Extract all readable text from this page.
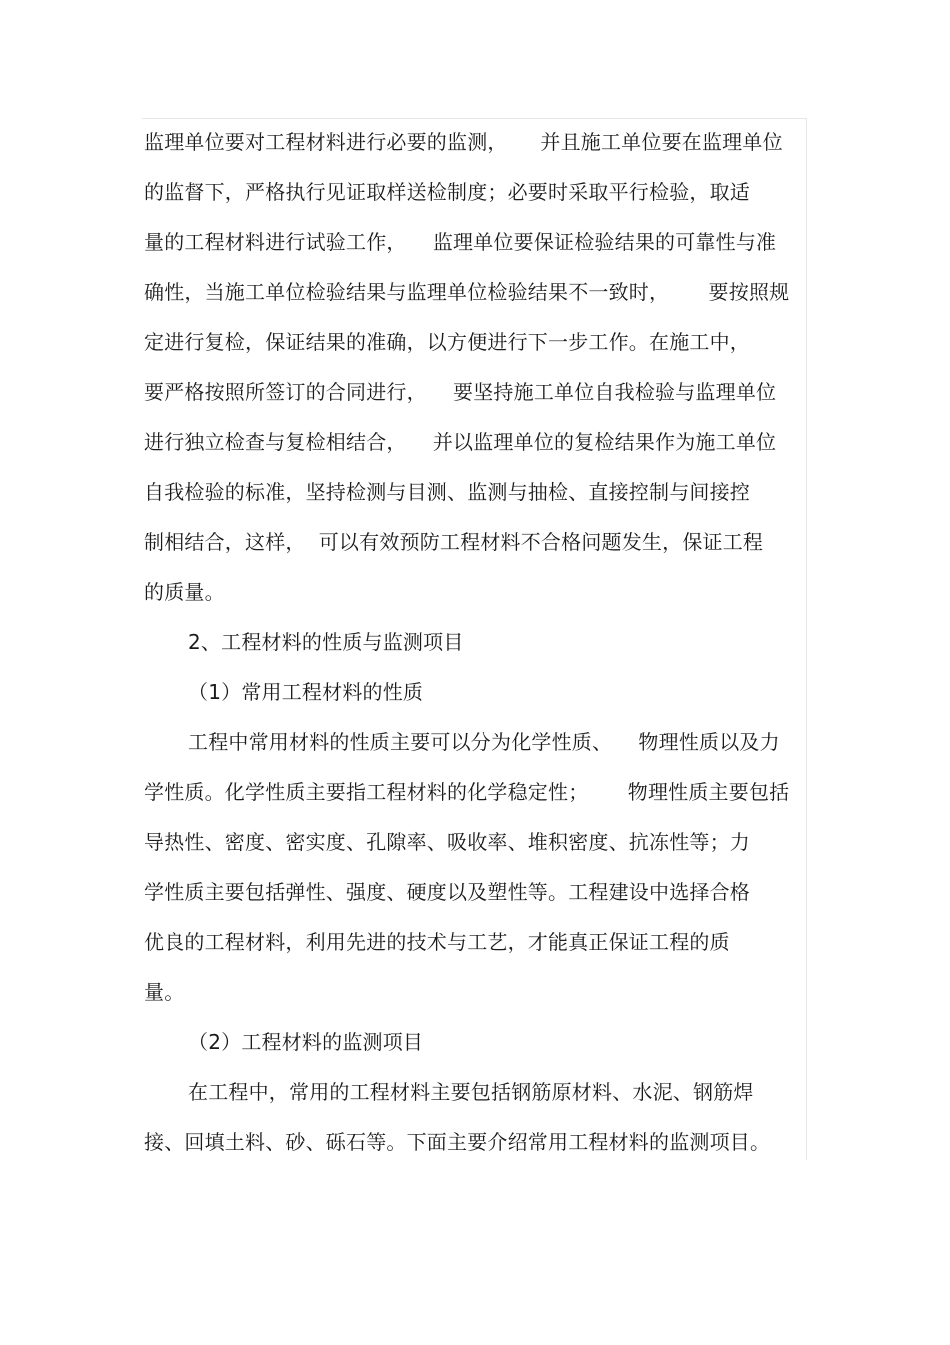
监理单位要对工程材料进行必要的监测，     并且施工单位要在监理单位
的监督下，严格执行见证取样送检制度；必要时采取平行检验，取适
量的工程材料进行试验工作，    监理单位要保证检验结果的可靠性与准
确性，当施工单位检验结果与监理单位检验结果不一致时，      要按照规
定进行复检，保证结果的准确，以方便进行下一步工作。在施工中，
要严格按照所签订的合同进行，    要坚持施工单位自我检验与监理单位
进行独立检查与复检相结合，    并以监理单位的复检结果作为施工单位
自我检验的标准，坚持检测与目测、监测与抽检、直接控制与间接控
制相结合，这样，  可以有效预防工程材料不合格问题发生，保证工程
的质量。
2、工程材料的性质与监测项目
（1）常用工程材料的性质
工程中常用材料的性质主要可以分为化学性质、    物理性质以及力
学性质。化学性质主要指工程材料的化学稳定性；      物理性质主要包括
导热性、密度、密实度、孔隙率、吸收率、堆积密度、抗冻性等；力
学性质主要包括弹性、强度、硬度以及塑性等。工程建设中选择合格
优良的工程材料，利用先进的技术与工艺，才能真正保证工程的质
量。
（2）工程材料的监测项目
在工程中，常用的工程材料主要包括钢筋原材料、水泥、钢筋焊
接、回填土料、砂、砾石等。下面主要介绍常用工程材料的监测项目。
